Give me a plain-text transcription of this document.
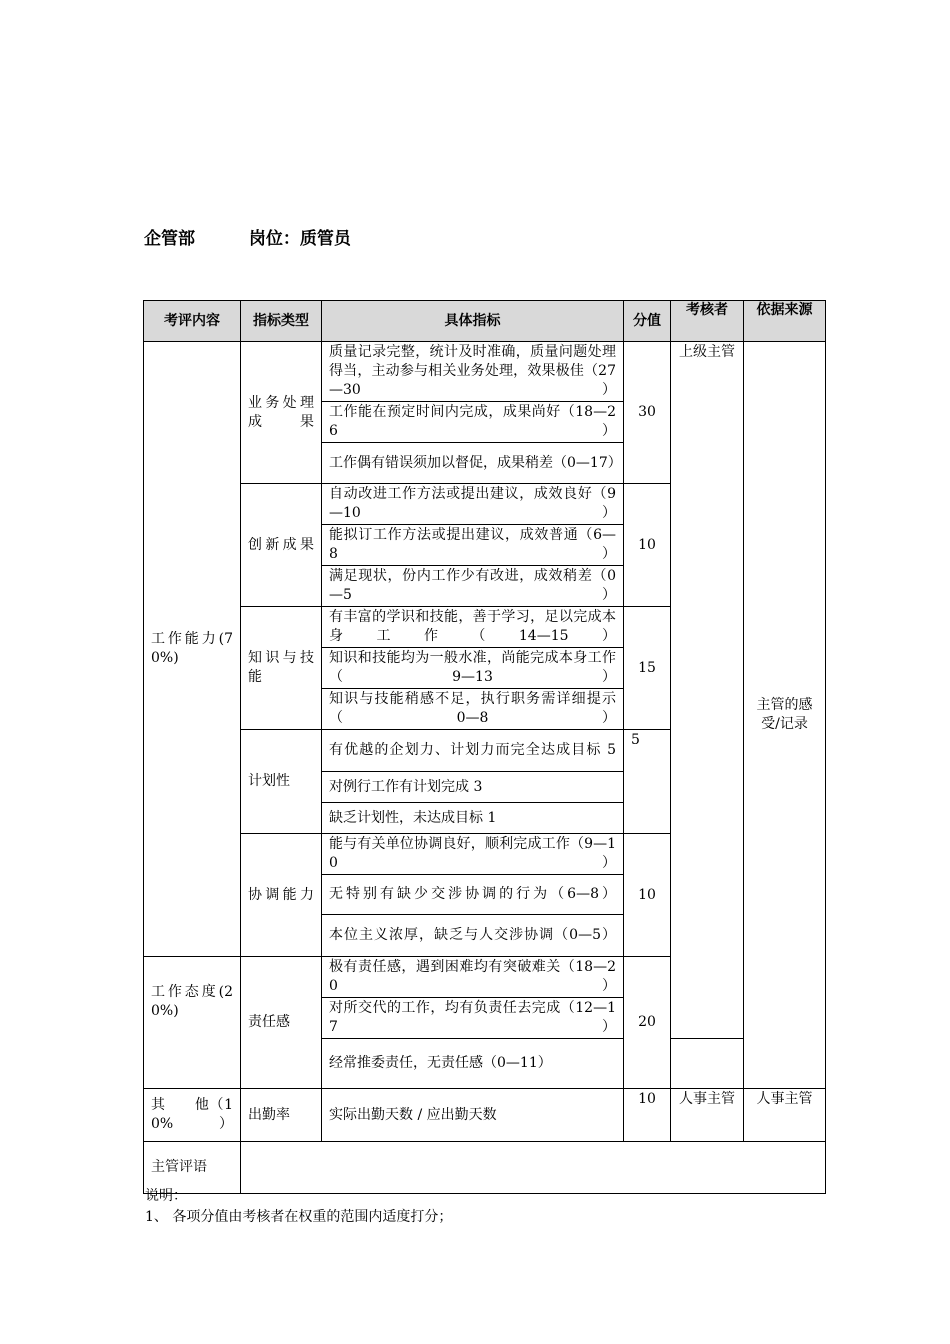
企管部	岗位：质管员
考评内容	指标类型	具体指标	分值	考核者	依据来源
工作能力(70%)	业务处理成果	质量记录完整，统计及时准确，质量问题处理得当，主动参与相关业务处理，效果极佳（27—30）	30	上级主管	主管的感受/记录
		工作能在预定时间内完成，成果尚好（18—26）			
		工作偶有错误须加以督促，成果稍差（0—17）			
	创新成果	自动改进工作方法或提出建议，成效良好（9—10）	10		
		能拟订工作方法或提出建议，成效普通（6—8）			
		满足现状，份内工作少有改进，成效稍差（0—5）			
	知识与技能	有丰富的学识和技能，善于学习，足以完成本身工作（14—15）	15		
		知识和技能均为一般水准，尚能完成本身工作（9—13）			
		知识与技能稍感不足，执行职务需详细提示（0—8）			
	计划性	有优越的企划力、计划力而完全达成目标 5	5		
		对例行工作有计划完成 3			
		缺乏计划性，未达成目标 1			
	协调能力	能与有关单位协调良好，顺利完成工作（9—10）	10		
		无特别有缺少交涉协调的行为（6—8）			
		本位主义浓厚，缺乏与人交涉协调（0—5）			
工作态度(20%)	责任感	极有责任感，遇到困难均有突破难关（18—20）	20		
		对所交代的工作，均有负责任去完成（12—17）			
		经常推委责任，无责任感（0—11）			
其　　他（10%）	出勤率	实际出勤天数 / 应出勤天数	10	人事主管	人事主管
主管评语					
说明：
1、 各项分值由考核者在权重的范围内适度打分；
